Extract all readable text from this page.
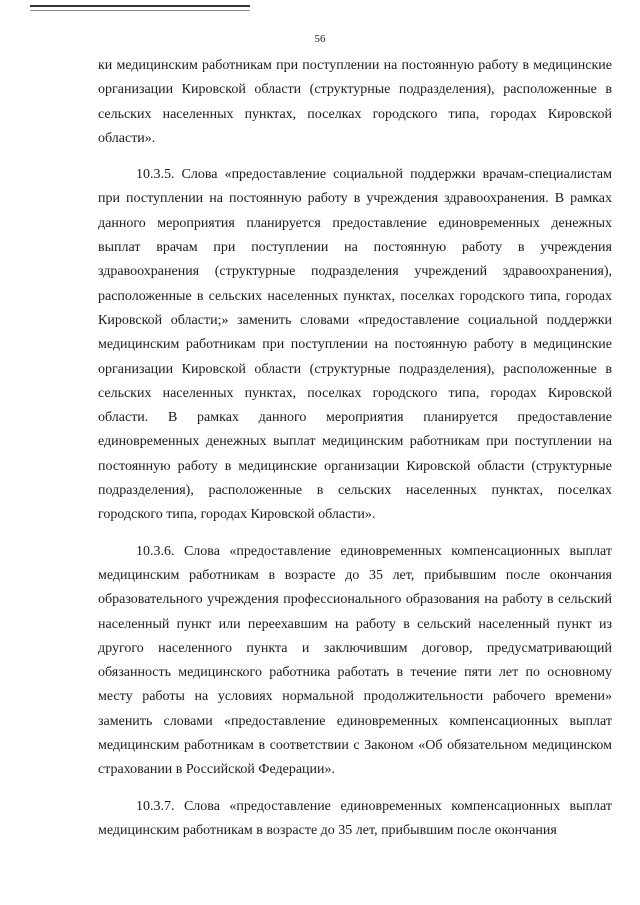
56

ки медицинским работникам при поступлении на постоянную работу в медицинские организации Кировской области (структурные подразделения), расположенные в сельских населенных пунктах, поселках городского типа, городах Кировской области».

10.3.5. Слова «предоставление социальной поддержки врачам-специалистам при поступлении на постоянную работу в учреждения здравоохранения. В рамках данного мероприятия планируется предоставление единовременных денежных выплат врачам при поступлении на постоянную работу в учреждения здравоохранения (структурные подразделения учреждений здравоохранения), расположенные в сельских населенных пунктах, поселках городского типа, городах Кировской области;» заменить словами «предоставление социальной поддержки медицинским работникам при поступлении на постоянную работу в медицинские организации Кировской области (структурные подразделения), расположенные в сельских населенных пунктах, поселках городского типа, городах Кировской области. В рамках данного мероприятия планируется предоставление единовременных денежных выплат медицинским работникам при поступлении на постоянную работу в медицинские организации Кировской области (структурные подразделения), расположенные в сельских населенных пунктах, поселках городского типа, городах Кировской области».

10.3.6. Слова «предоставление единовременных компенсационных выплат медицинским работникам в возрасте до 35 лет, прибывшим после окончания образовательного учреждения профессионального образования на работу в сельский населенный пункт или переехавшим на работу в сельский населенный пункт из другого населенного пункта и заключившим договор, предусматривающий обязанность медицинского работника работать в течение пяти лет по основному месту работы на условиях нормальной продолжительности рабочего времени» заменить словами «предоставление единовременных компенсационных выплат медицинским работникам в соответствии с Законом «Об обязательном медицинском страховании в Российской Федерации».

10.3.7. Слова «предоставление единовременных компенсационных выплат медицинским работникам в возрасте до 35 лет, прибывшим после окончания
